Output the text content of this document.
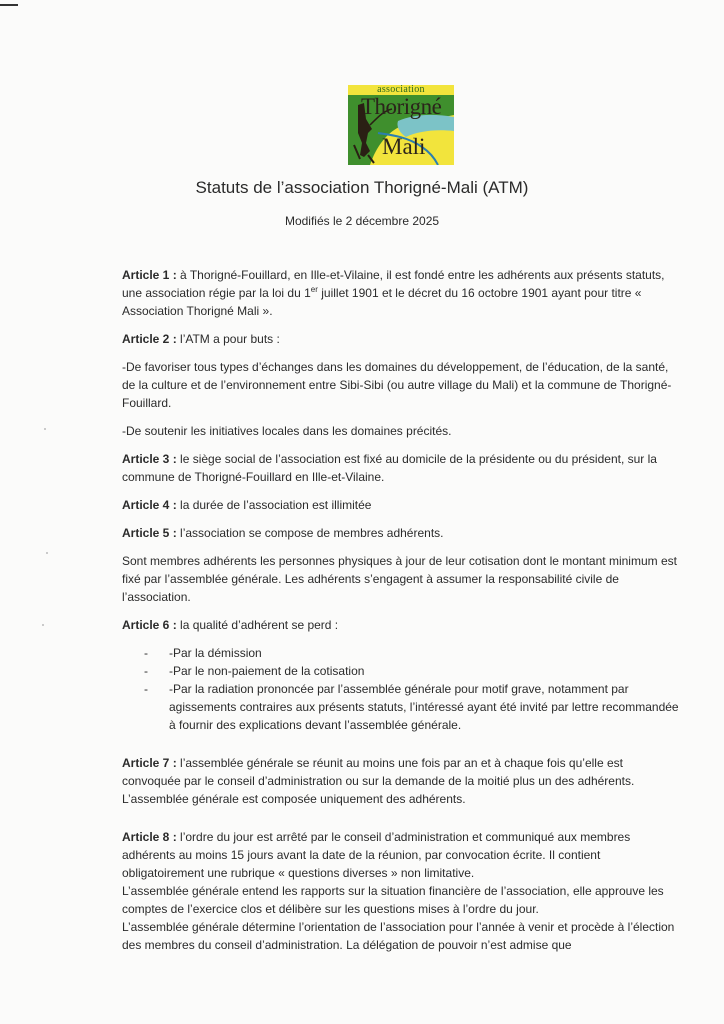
association
Thorigné
Mali
Statuts de l’association Thorigné-Mali (ATM)
Modifiés le 2 décembre 2025

Article 1 : à Thorigné-Fouillard, en Ille-et-Vilaine, il est fondé entre les adhérents aux présents statuts, une association régie par la loi du 1er juillet 1901 et le décret du 16 octobre 1901 ayant pour titre « Association Thorigné Mali ».

Article 2 : l’ATM a pour buts :

-De favoriser tous types d’échanges dans les domaines du développement, de l’éducation, de la santé, de la culture et de l’environnement entre Sibi-Sibi (ou autre village du Mali) et la commune de Thorigné-Fouillard.

-De soutenir les initiatives locales dans les domaines précités.

Article 3 : le siège social de l’association est fixé au domicile de la présidente ou du président, sur la commune de Thorigné-Fouillard en Ille-et-Vilaine.

Article 4 : la durée de l’association est illimitée

Article 5 : l’association se compose de membres adhérents.

Sont membres adhérents les personnes physiques à jour de leur cotisation dont le montant minimum est fixé par l’assemblée générale. Les adhérents s’engagent à assumer la responsabilité civile de l’association.

Article 6 : la qualité d’adhérent se perd :

- -Par la démission
- -Par le non-paiement de la cotisation
- -Par la radiation prononcée par l’assemblée générale pour motif grave, notamment par agissements contraires aux présents statuts, l’intéressé ayant été invité par lettre recommandée à fournir des explications devant l’assemblée générale.

Article 7 : l’assemblée générale se réunit au moins une fois par an et à chaque fois qu’elle est convoquée par le conseil d’administration ou sur la demande de la moitié plus un des adhérents. L’assemblée générale est composée uniquement des adhérents.

Article 8 : l’ordre du jour est arrêté par le conseil d’administration et communiqué aux membres adhérents au moins 15 jours avant la date de la réunion, par convocation écrite. Il contient obligatoirement une rubrique « questions diverses » non limitative.

L’assemblée générale entend les rapports sur la situation financière de l’association, elle approuve les comptes de l’exercice clos et délibère sur les questions mises à l’ordre du jour.

L’assemblée générale détermine l’orientation de l’association pour l’année à venir et procède à l’élection des membres du conseil d’administration. La délégation de pouvoir n’est admise que
